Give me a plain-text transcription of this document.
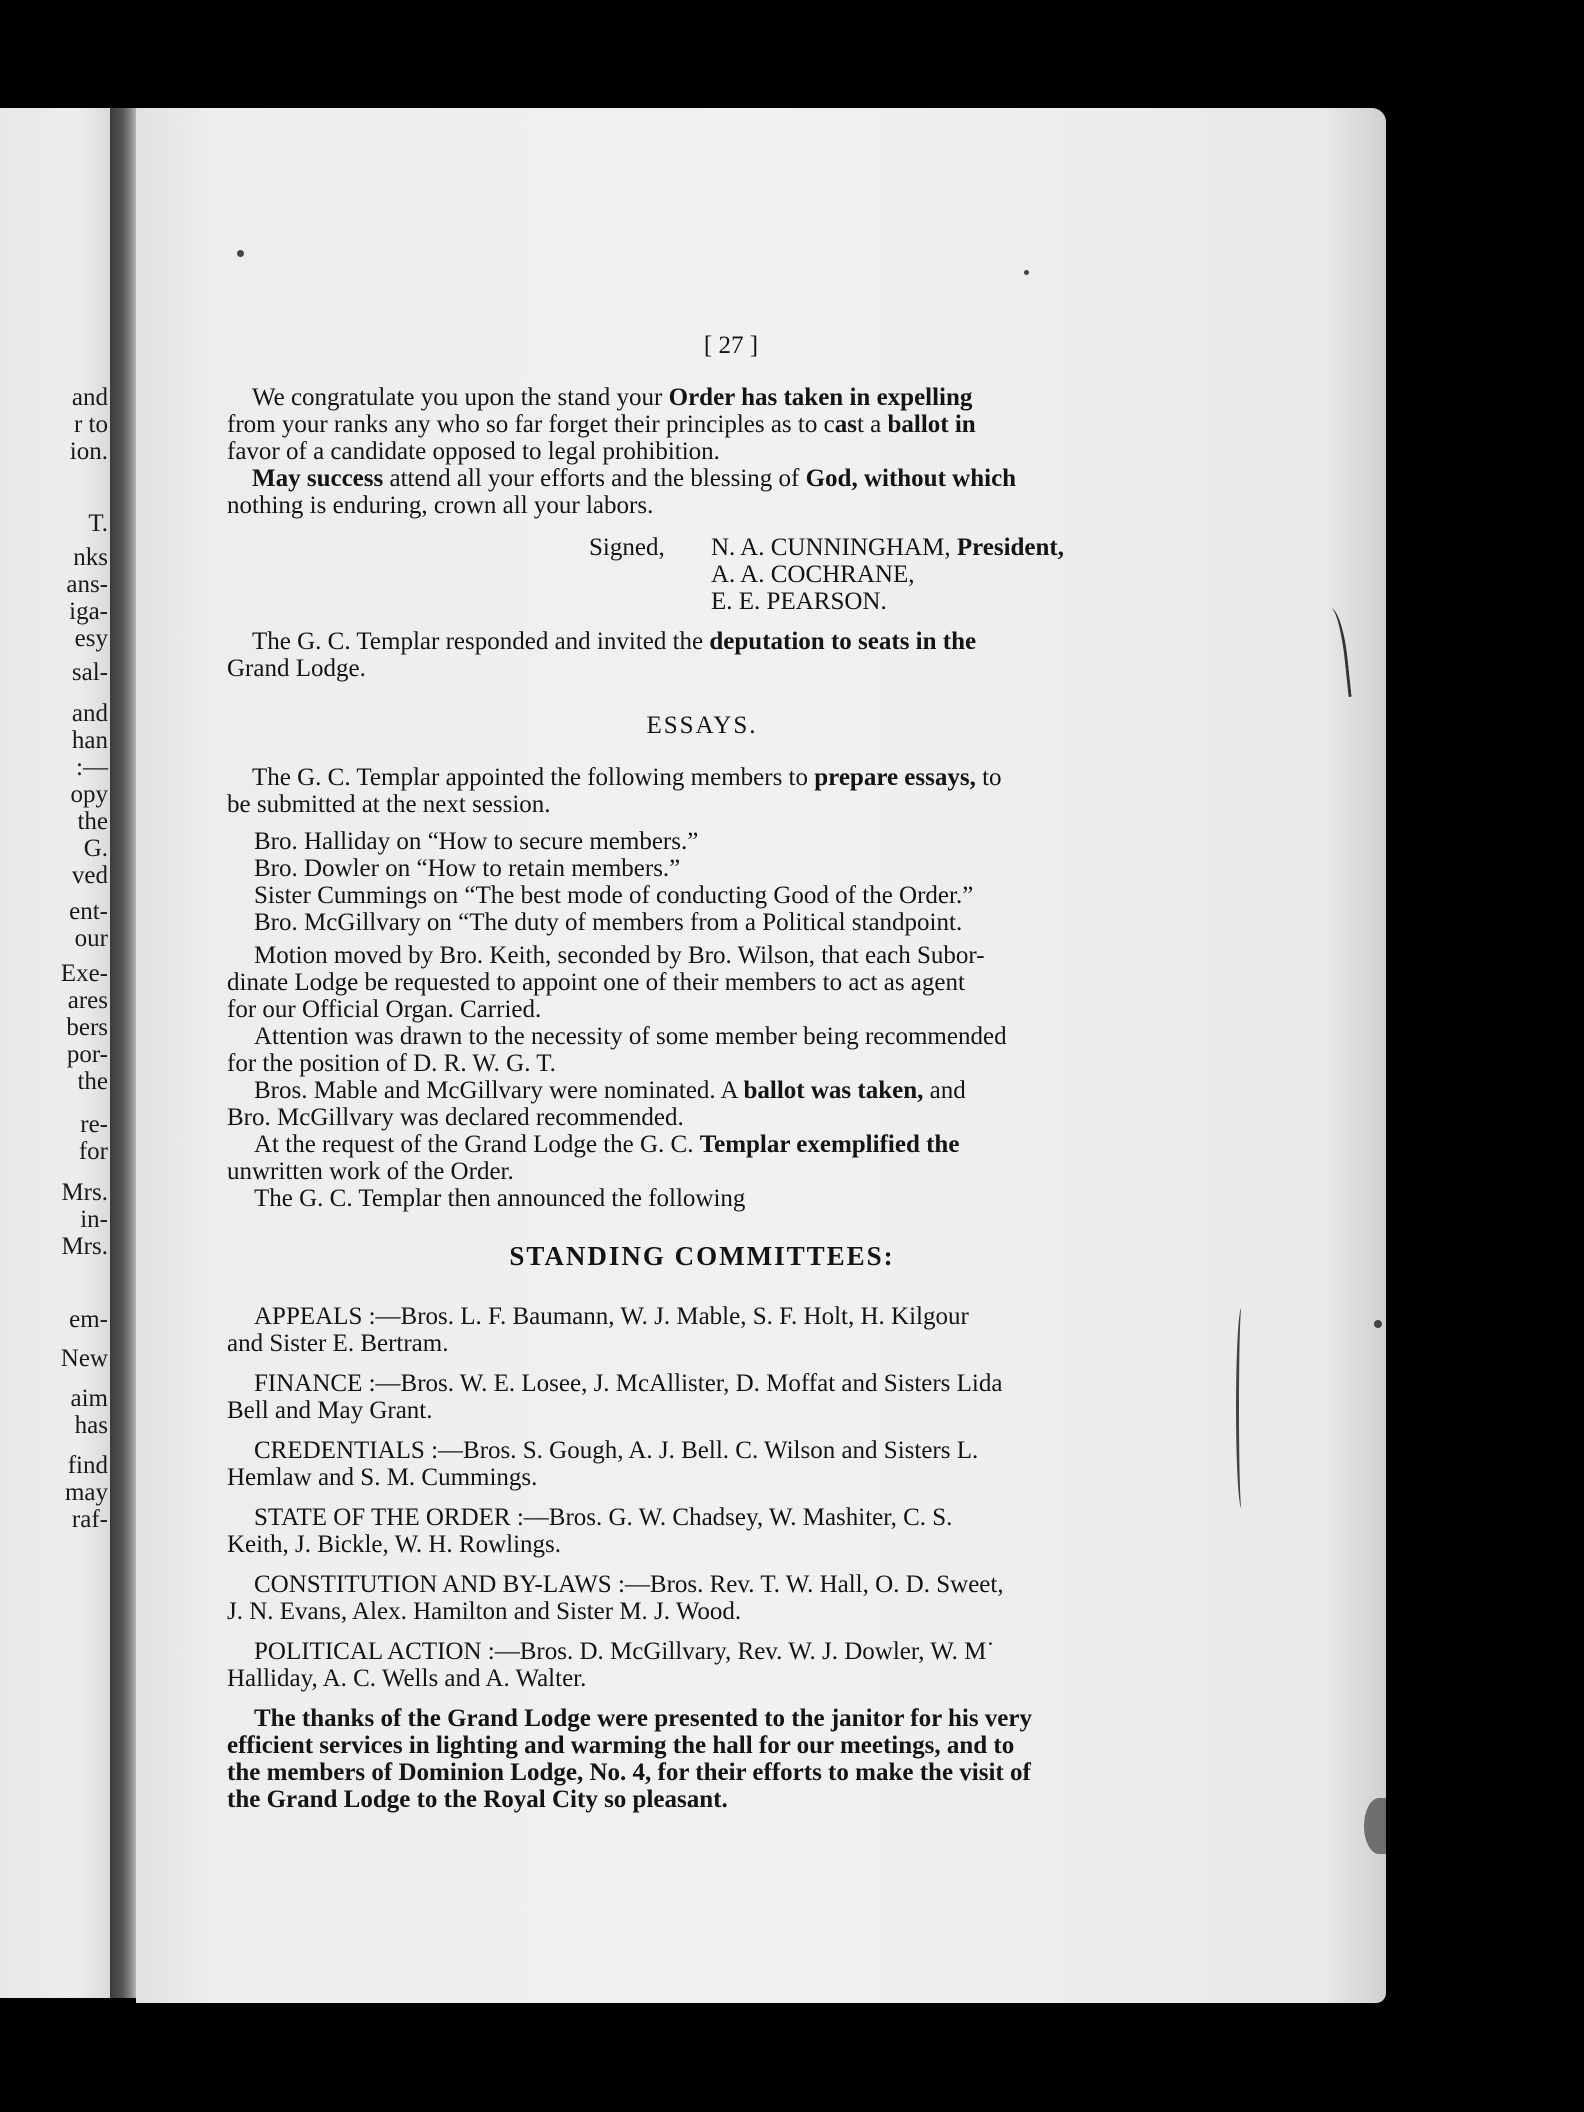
and
r to
ion.
T.
nks
ans-
iga-
esy
sal-
and
han
:—
opy
the
G.
ved
ent-
our
Exe-
ares
bers
por-
the
re-
for
Mrs.
in-
Mrs.
em-
New
aim
has
find
may
raf-
[ 27 ]
We congratulate you upon the stand your Order has taken in expelling
from your ranks any who so far forget their principles as to cast a ballot in
favor of a candidate opposed to legal prohibition.
May success attend all your efforts and the blessing of God, without which
nothing is enduring, crown all your labors.
Signed, N. A. CUNNINGHAM, President,
A. A. COCHRANE,
E. E. PEARSON.
The G. C. Templar responded and invited the deputation to seats in the
Grand Lodge.
ESSAYS.
The G. C. Templar appointed the following members to prepare essays, to
be submitted at the next session.
Bro. Halliday on “How to secure members.”
Bro. Dowler on “How to retain members.”
Sister Cummings on “The best mode of conducting Good of the Order.”
Bro. McGillvary on “The duty of members from a Political standpoint.
Motion moved by Bro. Keith, seconded by Bro. Wilson, that each Subor-
dinate Lodge be requested to appoint one of their members to act as agent
for our Official Organ. Carried.
Attention was drawn to the necessity of some member being recommended
for the position of D. R. W. G. T.
Bros. Mable and McGillvary were nominated. A ballot was taken, and
Bro. McGillvary was declared recommended.
At the request of the Grand Lodge the G. C. Templar exemplified the
unwritten work of the Order.
The G. C. Templar then announced the following
STANDING COMMITTEES:
APPEALS :—Bros. L. F. Baumann, W. J. Mable, S. F. Holt, H. Kilgour
and Sister E. Bertram.
FINANCE :—Bros. W. E. Losee, J. McAllister, D. Moffat and Sisters Lida
Bell and May Grant.
CREDENTIALS :—Bros. S. Gough, A. J. Bell. C. Wilson and Sisters L.
Hemlaw and S. M. Cummings.
STATE OF THE ORDER :—Bros. G. W. Chadsey, W. Mashiter, C. S.
Keith, J. Bickle, W. H. Rowlings.
CONSTITUTION AND BY-LAWS :—Bros. Rev. T. W. Hall, O. D. Sweet,
J. N. Evans, Alex. Hamilton and Sister M. J. Wood.
POLITICAL ACTION :—Bros. D. McGillvary, Rev. W. J. Dowler, W. M˙
Halliday, A. C. Wells and A. Walter.
The thanks of the Grand Lodge were presented to the janitor for his very
efficient services in lighting and warming the hall for our meetings, and to
the members of Dominion Lodge, No. 4, for their efforts to make the visit of
the Grand Lodge to the Royal City so pleasant.
